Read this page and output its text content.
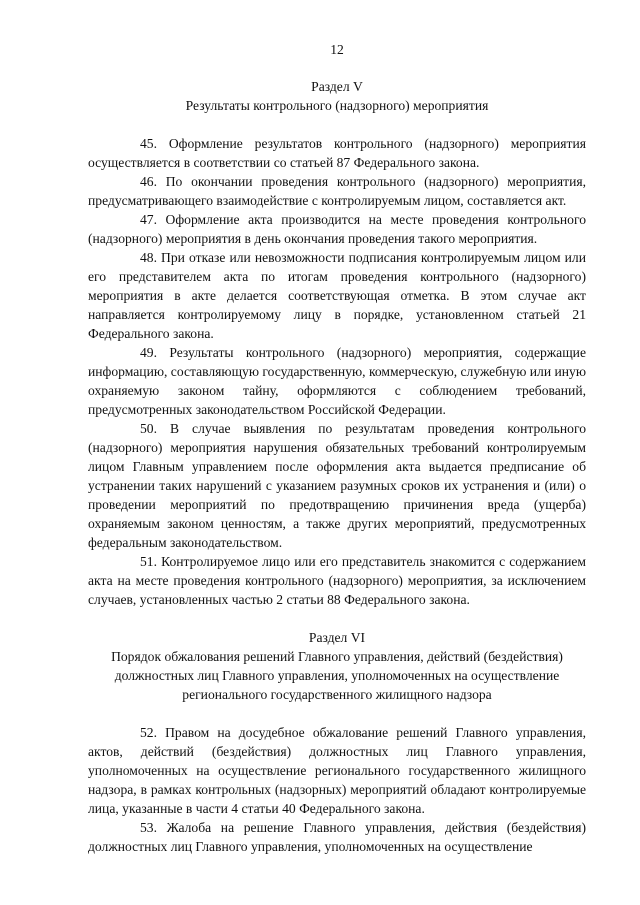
12
Раздел V
Результаты контрольного (надзорного) мероприятия

45. Оформление результатов контрольного (надзорного) мероприятия осуществляется в соответствии со статьей 87 Федерального закона.

46. По окончании проведения контрольного (надзорного) мероприятия, предусматривающего взаимодействие с контролируемым лицом, составляется акт.

47. Оформление акта производится на месте проведения контрольного (надзорного) мероприятия в день окончания проведения такого мероприятия.

48. При отказе или невозможности подписания контролируемым лицом или его представителем акта по итогам проведения контрольного (надзорного) мероприятия в акте делается соответствующая отметка. В этом случае акт направляется контролируемому лицу в порядке, установленном статьей 21 Федерального закона.

49. Результаты контрольного (надзорного) мероприятия, содержащие информацию, составляющую государственную, коммерческую, служебную или иную охраняемую законом тайну, оформляются с соблюдением требований, предусмотренных законодательством Российской Федерации.

50. В случае выявления по результатам проведения контрольного (надзорного) мероприятия нарушения обязательных требований контролируемым лицом Главным управлением после оформления акта выдается предписание об устранении таких нарушений с указанием разумных сроков их устранения и (или) о проведении мероприятий по предотвращению причинения вреда (ущерба) охраняемым законом ценностям, а также других мероприятий, предусмотренных федеральным законодательством.

51. Контролируемое лицо или его представитель знакомится с содержанием акта на месте проведения контрольного (надзорного) мероприятия, за исключением случаев, установленных частью 2 статьи 88 Федерального закона.

Раздел VI
Порядок обжалования решений Главного управления, действий (бездействия)
должностных лиц Главного управления, уполномоченных на осуществление
регионального государственного жилищного надзора

52. Правом на досудебное обжалование решений Главного управления, актов, действий (бездействия) должностных лиц Главного управления, уполномоченных на осуществление регионального государственного жилищного надзора, в рамках контрольных (надзорных) мероприятий обладают контролируемые лица, указанные в части 4 статьи 40 Федерального закона.

53. Жалоба на решение Главного управления, действия (бездействия) должностных лиц Главного управления, уполномоченных на осуществление
